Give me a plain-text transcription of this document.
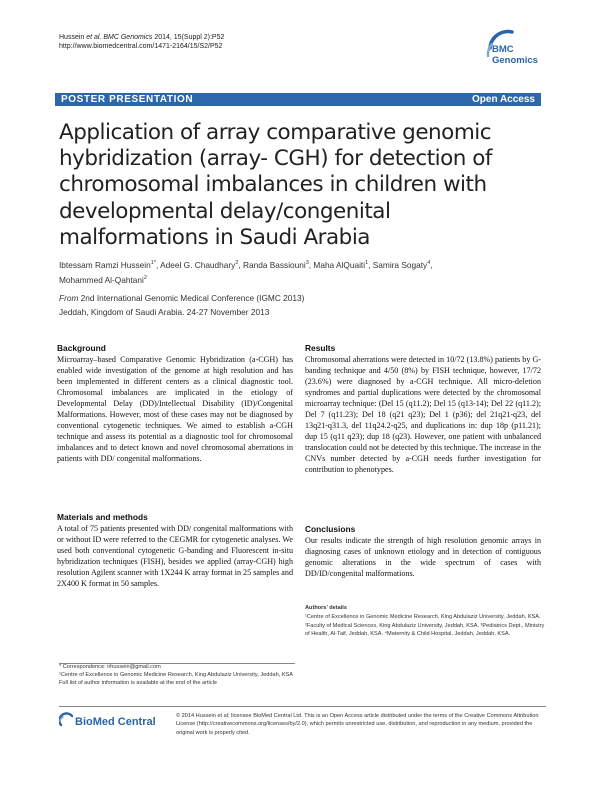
Hussein et al. BMC Genomics 2014, 15(Suppl 2):P52
http://www.biomedcentral.com/1471-2164/15/S2/P52	BMC
Genomics
POSTER PRESENTATION	Open Access
Application of array comparative genomic hybridization (array- CGH) for detection of chromosomal imbalances in children with developmental delay/congenital malformations in Saudi Arabia
Ibtessam Ramzi Hussein$^{1*}$, Adeel G. Chaudhary$^2$, Randa Bassiouni$^3$, Maha AlQuaiti$^1$, Samira Sogaty$^4$,
Mohammed Al-Qahtani$^2$
From 2nd International Genomic Medical Conference (IGMC 2013)
Jeddah, Kingdom of Saudi Arabia. 24-27 November 2013
Background

Microarray–based Comparative Genomic Hybridization (a-CGH) has enabled wide investigation of the genome at high resolution and has been implemented in different centers as a clinical diagnostic tool. Chromosomal imbalances are implicated in the etiology of Developmental Delay (DD)/Intellectual Disability (ID)/Congenital Malformations. However, most of these cases may not be diagnosed by conventional cytogenetic techniques. We aimed to establish a-CGH technique and assess its potential as a diagnostic tool for chromosomal imbalances and to detect known and novel chromosomal aberrations in patients with DD/ congenital malformations.

Materials and methods

A total of 75 patients presented with DD/ congenital malformations with or without ID were referred to the CEGMR for cytogenetic analyses. We used both conventional cytogenetic G-banding and Fluorescent in-situ hybridization techniques (FISH), besides we applied (array-CGH) high resolution Agilent scanner with 1X244 K array format in 25 samples and 2X400 K format in 50 samples.

Results

Chromosomal aberrations were detected in 10/72 (13.8%) patients by G-banding technique and 4/50 (8%) by FISH technique, however, 17/72 (23.6%) were diagnosed by a-CGH technique. All micro-deletion syndromes and partial duplications were detected by the chromosomal microarray technique: (Del 15 (q11.2); Del 15 (q13-14); Del 22 (q11.2); Del 7 (q11.23); Del 18 (q21 q23); Del 1 (p36); del 21q21-q23, del 13q21-q31.3, del 11q24.2-q25, and duplications in: dup 18p (p11.21); dup 15 (q11 q23); dup 18 (q23). However, one patient with unbalanced translocation could not be detected by this technique. The increase in the CNVs number detected by a-CGH needs further investigation for contribution to phenotypes.

Conclusions

Our results indicate the strength of high resolution genomic arrays in diagnosing cases of unknown etiology and in detection of contiguous genomic alterations in the wide spectrum of cases with DD/ID/congenital malformations.

Authors’ details
¹Centre of Excellence in Genomic Medicine Research, King Abdulaziz University, Jeddah, KSA. ²Faculty of Medical Sciences, King Abdulaziz University, Jeddah, KSA. ³Pediatrics Dept., Ministry of Health, Al-Taif, Jeddah, KSA. ⁴Maternity & Child Hospital, Jeddah, Jeddah, KSA.
* Correspondence: irhussein@gmail.com
¹Centre of Excellence in Genomic Medicine Research, King Abdulaziz University, Jeddah, KSA
Full list of author information is available at the end of the article
BioMed Central	© 2014 Hussein et al; licensee BioMed Central Ltd. This is an Open Access article distributed under the terms of the Creative Commons Attribution License (http://creativecommons.org/licenses/by/2.0), which permits unrestricted use, distribution, and reproduction in any medium, provided the original work is properly cited.
